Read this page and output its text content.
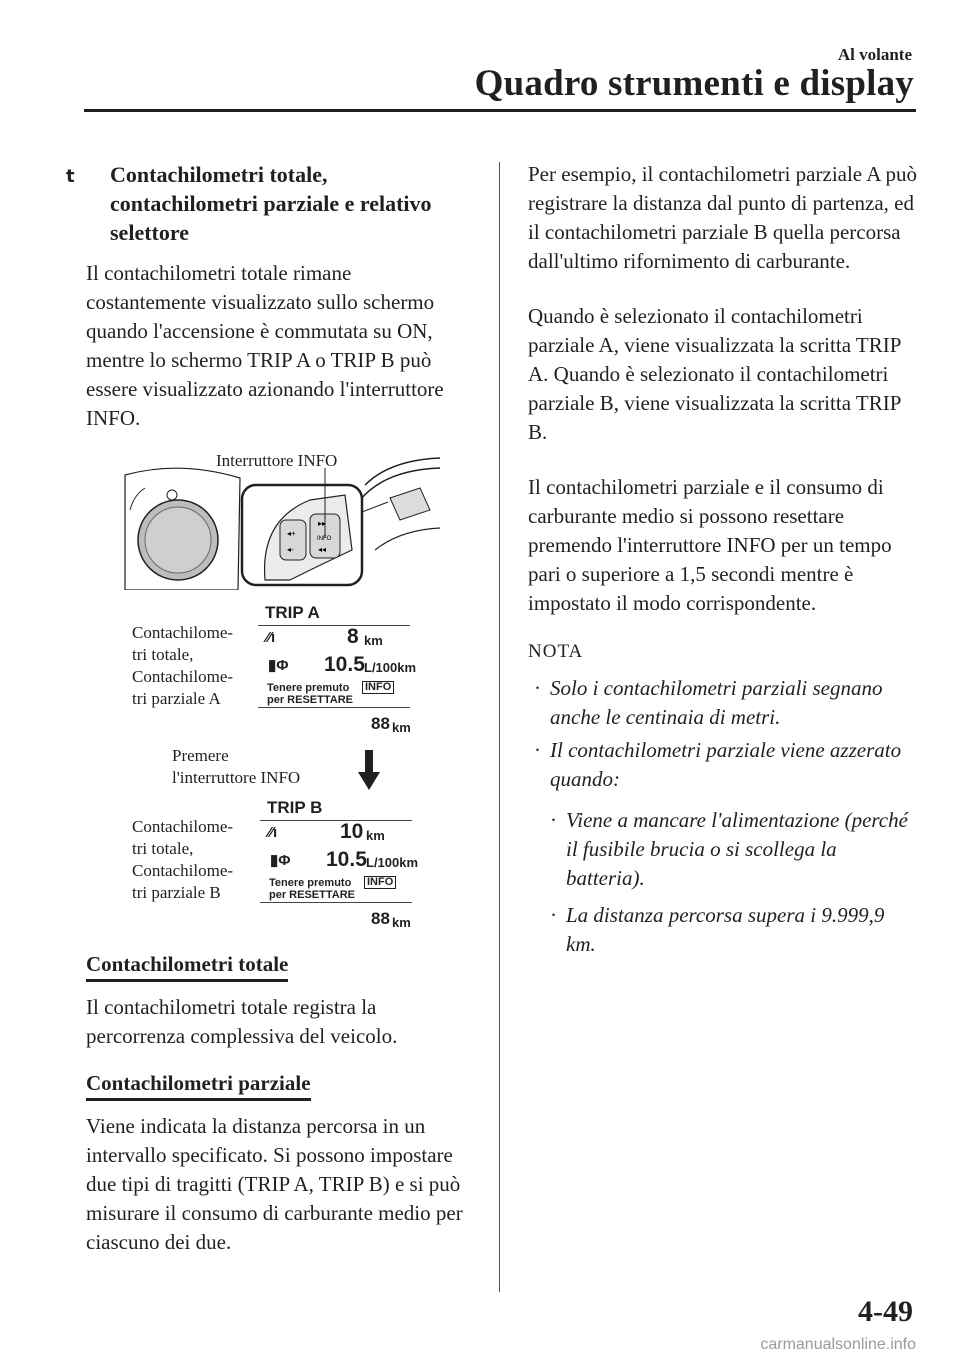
Al volante
Quadro strumenti e display
t Contachilometri totale, contachilometri parziale e relativo selettore

Il contachilometri totale rimane costantemente visualizzato sullo schermo quando l'accensione è commutata su ON, mentre lo schermo TRIP A o TRIP B può essere visualizzato azionando l'interruttore INFO.

◂+
◂-
▸▸
INFO
◂◂
Interruttore INFO
Contachilome-
tri totale,
Contachilome-
tri parziale A
TRIP A
⁄⁄ı	8 km
▮Φ 10.5 L/100km
Tenere premuto INFO
per RESETTARE
88 km
Premere
l'interruttore INFO
Contachilome-
tri totale,
Contachilome-
tri parziale B
TRIP B
⁄⁄ı	10 km
▮Φ 10.5 L/100km
Tenere premuto INFO
per RESETTARE
88 km
Contachilometri totale

Il contachilometri totale registra la percorrenza complessiva del veicolo.

Contachilometri parziale

Viene indicata la distanza percorsa in un intervallo specificato. Si possono impostare due tipi di tragitti (TRIP A, TRIP B) e si può misurare il consumo di carburante medio per ciascuno dei due.

Per esempio, il contachilometri parziale A può registrare la distanza dal punto di partenza, ed il contachilometri parziale B quella percorsa dall'ultimo rifornimento di carburante.

Quando è selezionato il contachilometri parziale A, viene visualizzata la scritta TRIP A. Quando è selezionato il contachilometri parziale B, viene visualizzata la scritta TRIP B.

Il contachilometri parziale e il consumo di carburante medio si possono resettare premendo l'interruttore INFO per un tempo pari o superiore a 1,5 secondi mentre è impostato il modo corrispondente.

NOTA
· Solo i contachilometri parziali segnano anche le centinaia di metri.
· Il contachilometri parziale viene azzerato quando:
· Viene a mancare l'alimentazione (perché il fusibile brucia o si scollega la batteria).
· La distanza percorsa supera i 9.999,9 km.
4-49
carmanualsonline.info
